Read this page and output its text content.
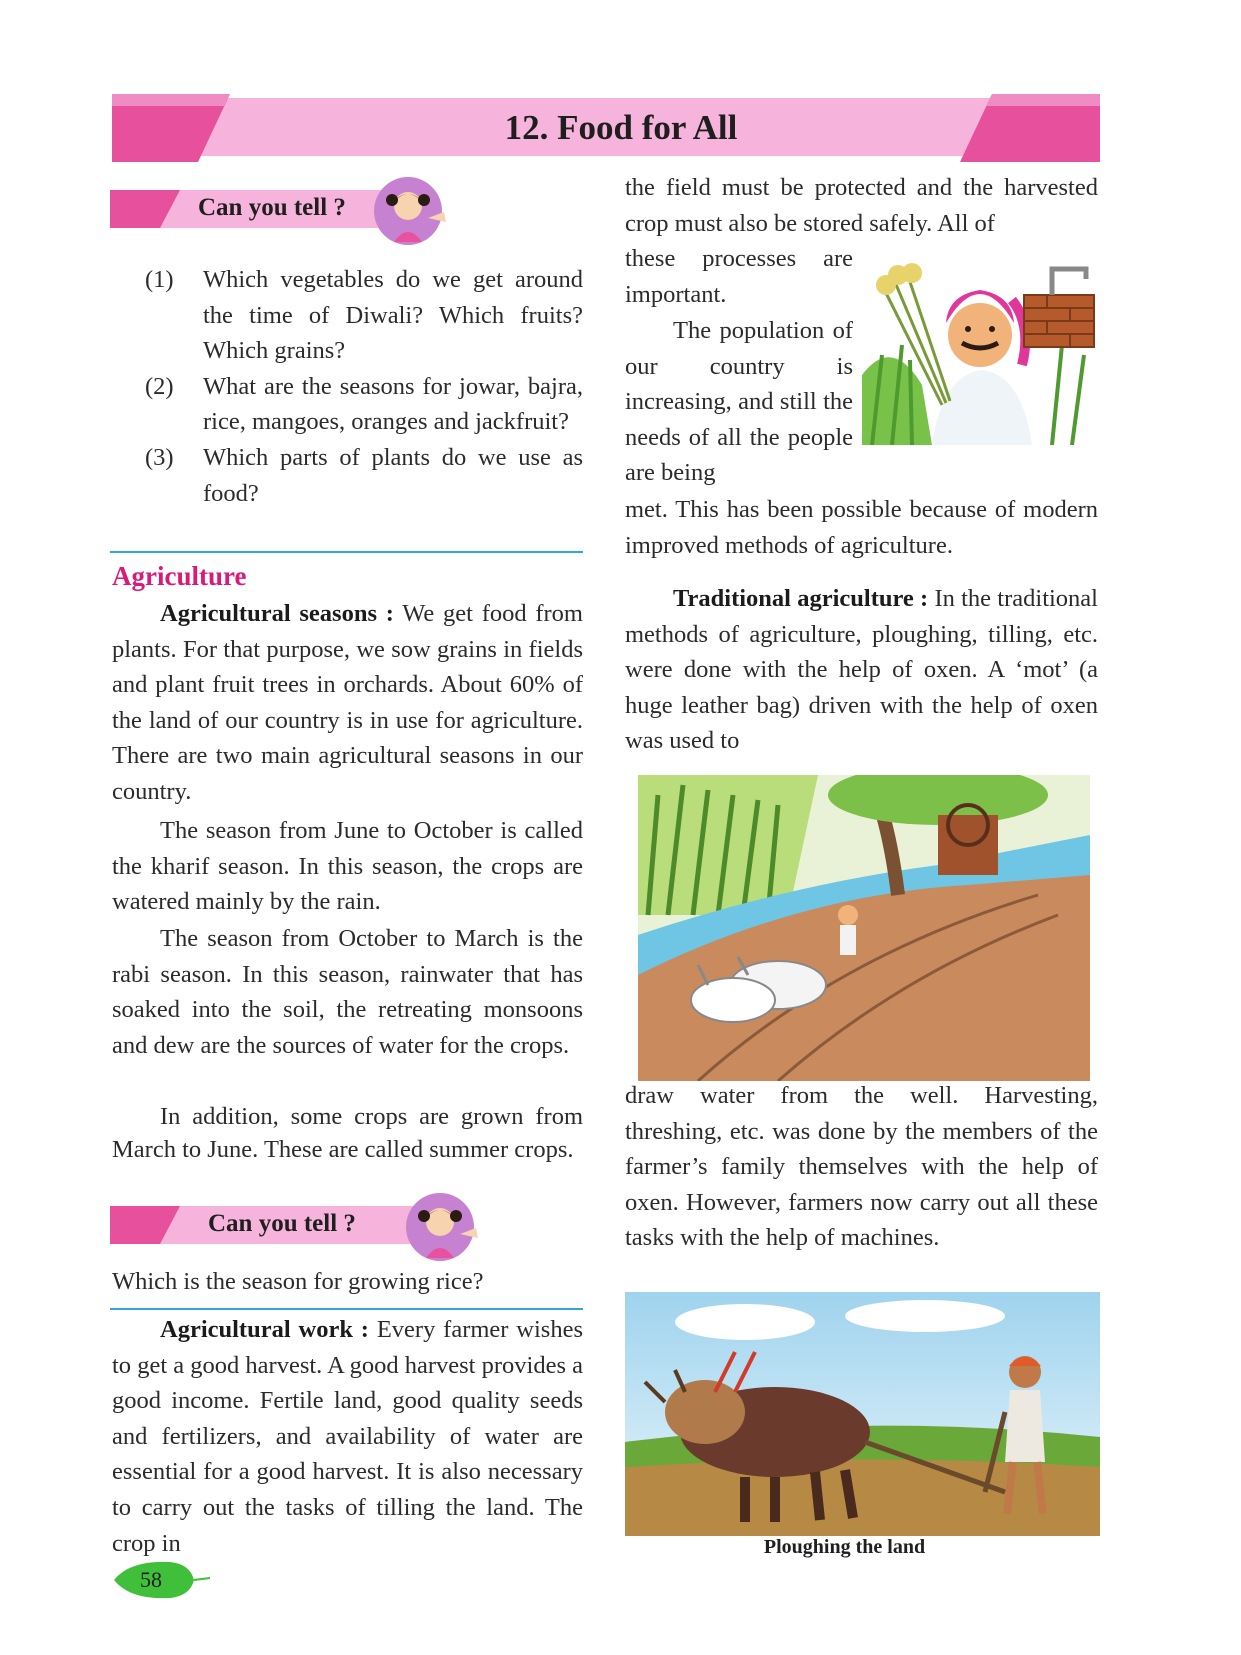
12. Food for All
Can you tell ?
(1) Which vegetables do we get around the time of Diwali? Which fruits? Which grains?
(2) What are the seasons for jowar, bajra, rice, mangoes, oranges and jackfruit?
(3) Which parts of plants do we use as food?
Agriculture

Agricultural seasons : We get food from plants. For that purpose, we sow grains in fields and plant fruit trees in orchards. About 60% of the land of our country is in use for agriculture. There are two main agricultural seasons in our country.

The season from June to October is called the kharif season. In this season, the crops are watered mainly by the rain.

The season from October to March is the rabi season. In this season, rainwater that has soaked into the soil, the retreating monsoons and dew are the sources of water for the crops.

In addition, some crops are grown from March to June. These are called summer crops.

Can you tell ?

Which is the season for growing rice?

Agricultural work : Every farmer wishes to get a good harvest. A good harvest provides a good income. Fertile land, good quality seeds and fertilizers, and availability of water are essential for a good harvest. It is also necessary to carry out the tasks of tilling the land. The crop in

58

the field must be protected and the harvested crop must also be stored safely. All of

these processes are important.

The population of our country is increasing, and still the needs of all the people are being

met. This has been possible because of modern improved methods of agriculture.

Traditional agriculture : In the traditional methods of agriculture, ploughing, tilling, etc. were done with the help of oxen. A ‘mot’ (a huge leather bag) driven with the help of oxen was used to

draw water from the well. Harvesting, threshing, etc. was done by the members of the farmer’s family themselves with the help of oxen. However, farmers now carry out all these tasks with the help of machines.

Ploughing the land
